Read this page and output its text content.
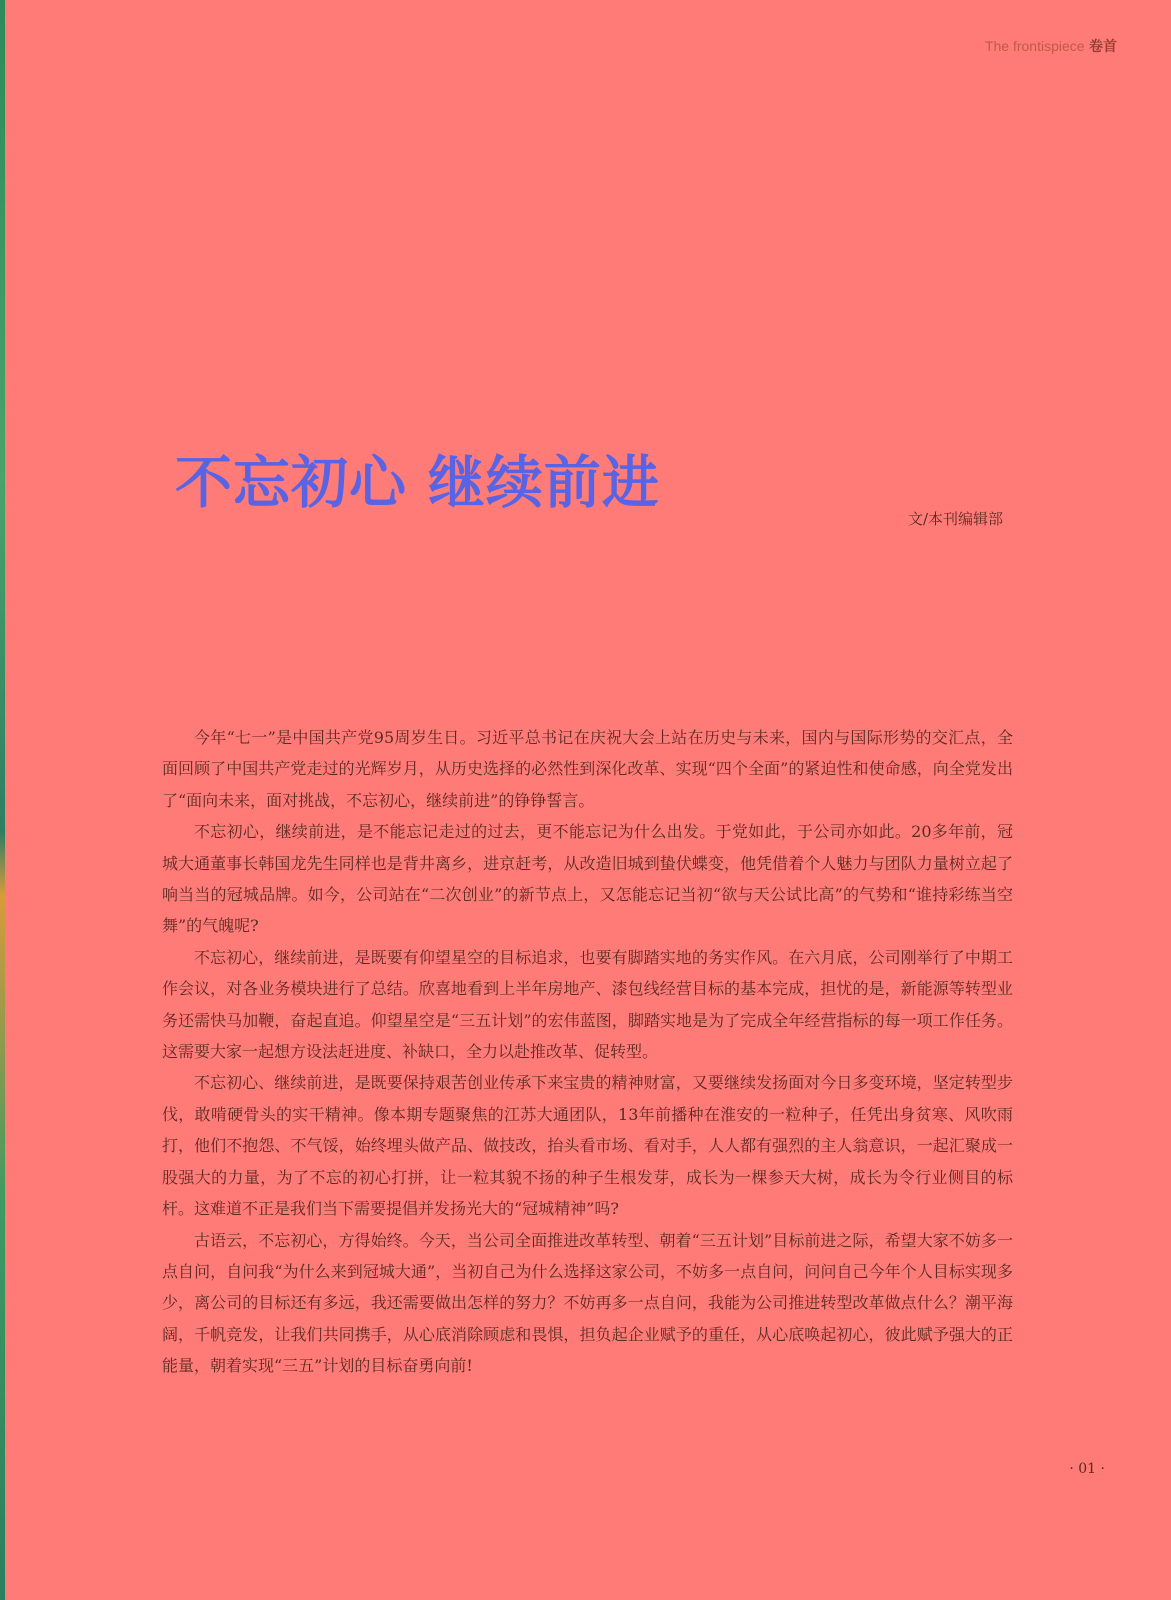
The frontispiece 卷首
不忘初心 继续前进
文/本刊编辑部

今年“七一”是中国共产党95周岁生日。习近平总书记在庆祝大会上站在历史与未来，国内与国际形势的交汇点，全面回顾了中国共产党走过的光辉岁月，从历史选择的必然性到深化改革、实现“四个全面”的紧迫性和使命感，向全党发出了“面向未来，面对挑战，不忘初心，继续前进”的铮铮誓言。

不忘初心，继续前进，是不能忘记走过的过去，更不能忘记为什么出发。于党如此，于公司亦如此。20多年前，冠城大通董事长韩国龙先生同样也是背井离乡，进京赶考，从改造旧城到蛰伏蝶变，他凭借着个人魅力与团队力量树立起了响当当的冠城品牌。如今，公司站在“二次创业”的新节点上，又怎能忘记当初“欲与天公试比高”的气势和“谁持彩练当空舞”的气魄呢?

不忘初心，继续前进，是既要有仰望星空的目标追求，也要有脚踏实地的务实作风。在六月底，公司刚举行了中期工作会议，对各业务模块进行了总结。欣喜地看到上半年房地产、漆包线经营目标的基本完成，担忧的是，新能源等转型业务还需快马加鞭，奋起直追。仰望星空是“三五计划”的宏伟蓝图，脚踏实地是为了完成全年经营指标的每一项工作任务。这需要大家一起想方设法赶进度、补缺口，全力以赴推改革、促转型。

不忘初心、继续前进，是既要保持艰苦创业传承下来宝贵的精神财富，又要继续发扬面对今日多变环境，坚定转型步伐，敢啃硬骨头的实干精神。像本期专题聚焦的江苏大通团队，13年前播种在淮安的一粒种子，任凭出身贫寒、风吹雨打，他们不抱怨、不气馁，始终埋头做产品、做技改，抬头看市场、看对手，人人都有强烈的主人翁意识，一起汇聚成一股强大的力量，为了不忘的初心打拼，让一粒其貌不扬的种子生根发芽，成长为一棵参天大树，成长为令行业侧目的标杆。这难道不正是我们当下需要提倡并发扬光大的“冠城精神”吗?

古语云，不忘初心，方得始终。今天，当公司全面推进改革转型、朝着“三五计划”目标前进之际，希望大家不妨多一点自问，自问我“为什么来到冠城大通”，当初自己为什么选择这家公司，不妨多一点自问，问问自己今年个人目标实现多少，离公司的目标还有多远，我还需要做出怎样的努力？不妨再多一点自问，我能为公司推进转型改革做点什么？潮平海阔，千帆竞发，让我们共同携手，从心底消除顾虑和畏惧，担负起企业赋予的重任，从心底唤起初心，彼此赋予强大的正能量，朝着实现“三五”计划的目标奋勇向前!

· 01 ·
